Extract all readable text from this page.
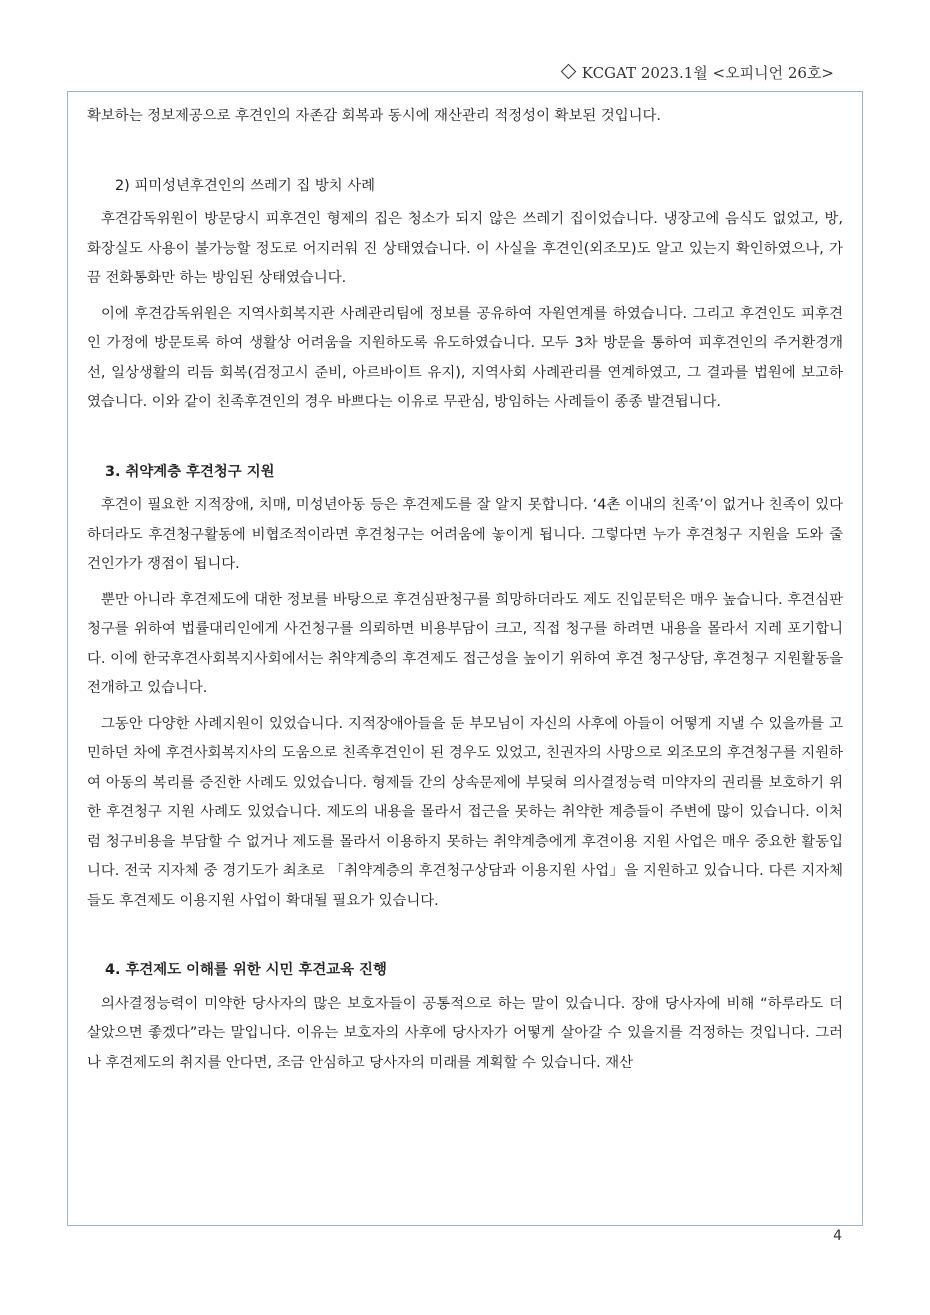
KCGAT 2023.1월 <오피니언 26호>

확보하는 정보제공으로 후견인의 자존감 회복과 동시에 재산관리 적정성이 확보된 것입니다.

2) 피미성년후견인의 쓰레기 집 방치 사례

후견감독위원이 방문당시 피후견인 형제의 집은 청소가 되지 않은 쓰레기 집이었습니다. 냉장고에 음식도 없었고, 방, 화장실도 사용이 불가능할 정도로 어지러워 진 상태였습니다. 이 사실을 후견인(외조모)도 알고 있는지 확인하였으나, 가끔 전화통화만 하는 방임된 상태였습니다.

이에 후견감독위원은 지역사회복지관 사례관리팀에 정보를 공유하여 자원연계를 하였습니다. 그리고 후견인도 피후견인 가정에 방문토록 하여 생활상 어려움을 지원하도록 유도하였습니다. 모두 3차 방문을 통하여 피후견인의 주거환경개선, 일상생활의 리듬 회복(검정고시 준비, 아르바이트 유지), 지역사회 사례관리를 연계하였고, 그 결과를 법원에 보고하였습니다. 이와 같이 친족후견인의 경우 바쁘다는 이유로 무관심, 방임하는 사례들이 종종 발견됩니다.

3. 취약계층 후견청구 지원

후견이 필요한 지적장애, 치매, 미성년아동 등은 후견제도를 잘 알지 못합니다. ‘4촌 이내의 친족’이 없거나 친족이 있다 하더라도 후견청구활동에 비협조적이라면 후견청구는 어려움에 놓이게 됩니다. 그렇다면 누가 후견청구 지원을 도와 줄 건인가가 쟁점이 됩니다.

뿐만 아니라 후견제도에 대한 정보를 바탕으로 후견심판청구를 희망하더라도 제도 진입문턱은 매우 높습니다. 후견심판청구를 위하여 법률대리인에게 사건청구를 의뢰하면 비용부담이 크고, 직접 청구를 하려면 내용을 몰라서 지레 포기합니다. 이에 한국후견사회복지사회에서는 취약계층의 후견제도 접근성을 높이기 위하여 후견 청구상담, 후견청구 지원활동을 전개하고 있습니다.

그동안 다양한 사례지원이 있었습니다. 지적장애아들을 둔 부모님이 자신의 사후에 아들이 어떻게 지낼 수 있을까를 고민하던 차에 후견사회복지사의 도움으로 친족후견인이 된 경우도 있었고, 친권자의 사망으로 외조모의 후견청구를 지원하여 아동의 복리를 증진한 사례도 있었습니다. 형제들 간의 상속문제에 부딪혀 의사결정능력 미약자의 권리를 보호하기 위한 후견청구 지원 사례도 있었습니다. 제도의 내용을 몰라서 접근을 못하는 취약한 계층들이 주변에 많이 있습니다. 이처럼 청구비용을 부담할 수 없거나 제도를 몰라서 이용하지 못하는 취약계층에게 후견이용 지원 사업은 매우 중요한 활동입니다. 전국 지자체 중 경기도가 최초로 「취약계층의 후견청구상담과 이용지원 사업」을 지원하고 있습니다. 다른 지자체들도 후견제도 이용지원 사업이 확대될 필요가 있습니다.

4. 후견제도 이해를 위한 시민 후견교육 진행

의사결정능력이 미약한 당사자의 많은 보호자들이 공통적으로 하는 말이 있습니다. 장애 당사자에 비해 “하루라도 더 살았으면 좋겠다”라는 말입니다. 이유는 보호자의 사후에 당사자가 어떻게 살아갈 수 있을지를 걱정하는 것입니다. 그러나 후견제도의 취지를 안다면, 조금 안심하고 당사자의 미래를 계획할 수 있습니다. 재산

4
